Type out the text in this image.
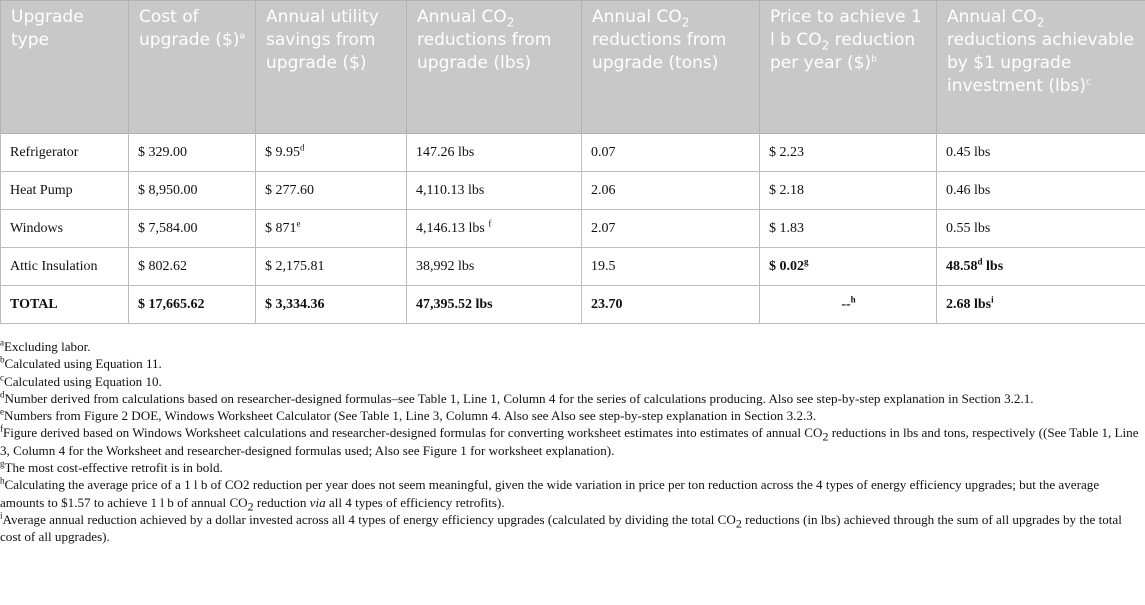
Upgrade type	Cost of upgrade ($)$^a$	Annual utility savings from upgrade ($)	Annual $CO_2$ reductions from upgrade (lbs)	Annual $CO_2$ reductions from upgrade (tons)	Price to achieve 1 l b $CO_2$ reduction per year ($)$^b$	Annual $CO_2$ reductions achievable by $1 upgrade investment (lbs)$^c$
Refrigerator	$ 329.00	$ 9.95$^d$	147.26 lbs	0.07	$ 2.23	0.45 lbs
Heat Pump	$ 8,950.00	$ 277.60	4,110.13 lbs	2.06	$ 2.18	0.46 lbs
Windows	$ 7,584.00	$ 871e	4,146.13 lbs $^f$	2.07	$ 1.83	0.55 lbs
Attic Insulation	$ 802.62	$ 2,175.81	38,992 lbs	19.5	$ 0.02$^g$	48.58$^d$ lbs
TOTAL	$ 17,665.62	$ 3,334.36	47,395.52 lbs	23.70	--$^h$	2.68 lbs$^i$

$^a$Excluding labor.

$^b$Calculated using Equation 11.

$^c$Calculated using Equation 10.

$^d$Number derived from calculations based on researcher-designed formulas–see Table 1, Line 1, Column 4 for the series of calculations producing. Also see step-by-step explanation in Section 3.2.1.

$^e$Numbers from Figure 2 DOE, Windows Worksheet Calculator (See Table 1, Line 3, Column 4. Also see Also see step-by-step explanation in Section 3.2.3.

$^f$Figure derived based on Windows Worksheet calculations and researcher-designed formulas for converting worksheet estimates into estimates of annual $CO_2$ reductions in lbs and tons, respectively ((See Table 1, Line 3, Column 4 for the Worksheet and researcher-designed formulas used; Also see Figure 1 for worksheet explanation).

$^g$The most cost-effective retrofit is in bold.

$^h$Calculating the average price of a 1 l b of CO2 reduction per year does not seem meaningful, given the wide variation in price per ton reduction across the 4 types of energy efficiency upgrades; but the average amounts to $1.57 to achieve 1 l b of annual $CO_2$ reduction via all 4 types of efficiency retrofits).

$^i$Average annual reduction achieved by a dollar invested across all 4 types of energy efficiency upgrades (calculated by dividing the total $CO_2$ reductions (in lbs) achieved through the sum of all upgrades by the total cost of all upgrades).
